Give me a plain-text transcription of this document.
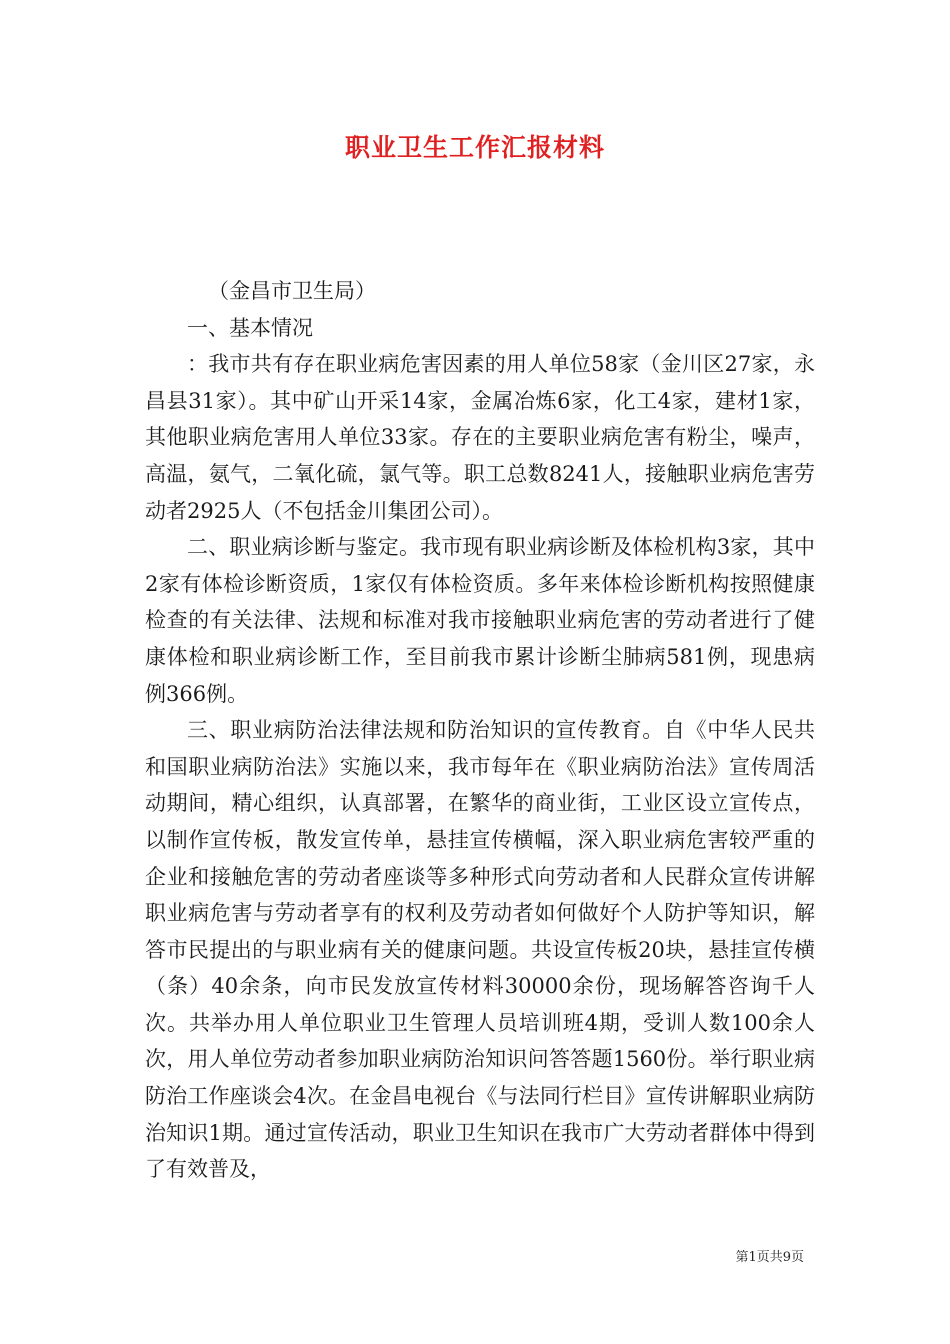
职业卫生工作汇报材料

（金昌市卫生局）

一、基本情况

：我市共有存在职业病危害因素的用人单位58家（金川区27家，永昌县31家）。其中矿山开采14家，金属冶炼6家，化工4家，建材1家，其他职业病危害用人单位33家。存在的主要职业病危害有粉尘，噪声，高温，氨气，二氧化硫，氯气等。职工总数8241人，接触职业病危害劳动者2925人（不包括金川集团公司）。

二、职业病诊断与鉴定。我市现有职业病诊断及体检机构3家，其中2家有体检诊断资质，1家仅有体检资质。多年来体检诊断机构按照健康检查的有关法律、法规和标准对我市接触职业病危害的劳动者进行了健康体检和职业病诊断工作，至目前我市累计诊断尘肺病581例，现患病例366例。

三、职业病防治法律法规和防治知识的宣传教育。自《中华人民共和国职业病防治法》实施以来，我市每年在《职业病防治法》宣传周活动期间，精心组织，认真部署，在繁华的商业街，工业区设立宣传点，以制作宣传板，散发宣传单，悬挂宣传横幅，深入职业病危害较严重的企业和接触危害的劳动者座谈等多种形式向劳动者和人民群众宣传讲解职业病危害与劳动者享有的权利及劳动者如何做好个人防护等知识，解答市民提出的与职业病有关的健康问题。共设宣传板20块，悬挂宣传横（条）40余条，向市民发放宣传材料30000余份，现场解答咨询千人次。共举办用人单位职业卫生管理人员培训班4期，受训人数100余人次，用人单位劳动者参加职业病防治知识问答答题1560份。举行职业病防治工作座谈会4次。在金昌电视台《与法同行栏目》宣传讲解职业病防治知识1期。通过宣传活动，职业卫生知识在我市广大劳动者群体中得到了有效普及，

第1页共9页
